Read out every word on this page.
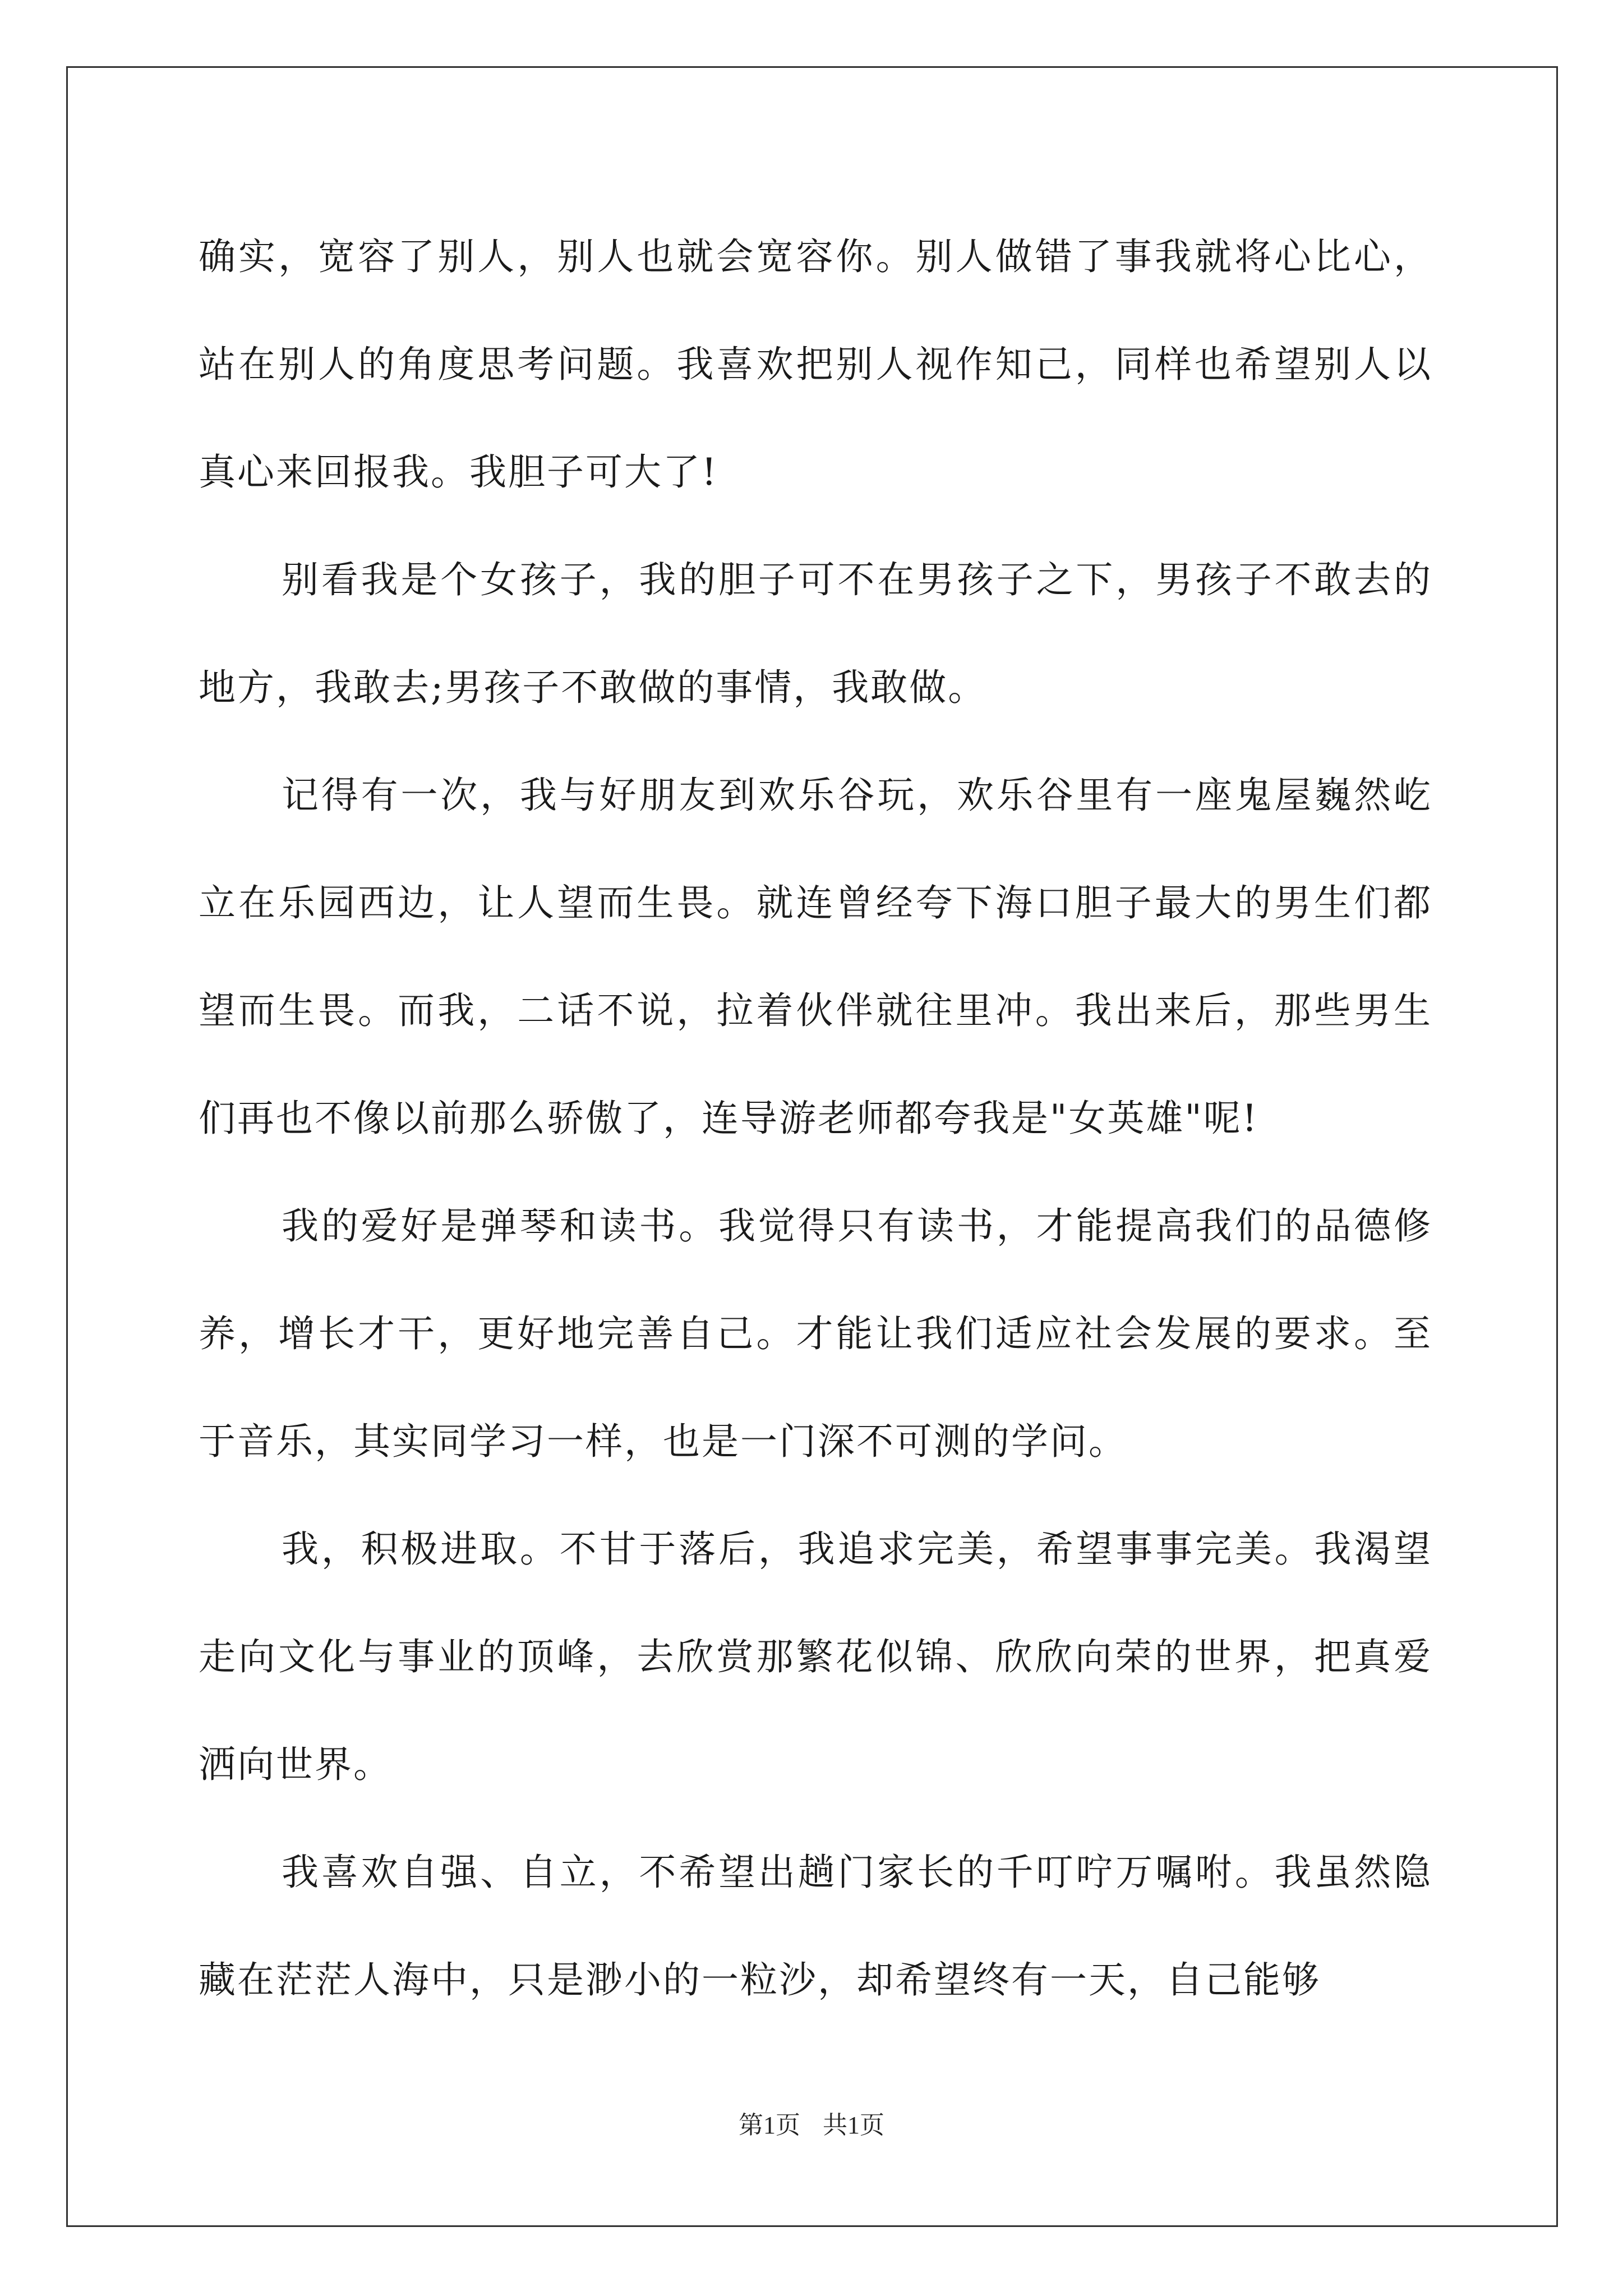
确实，宽容了别人，别人也就会宽容你。别人做错了事我就将心比心，站在别人的角度思考问题。我喜欢把别人视作知己，同样也希望别人以真心来回报我。我胆子可大了!

别看我是个女孩子，我的胆子可不在男孩子之下，男孩子不敢去的地方，我敢去;男孩子不敢做的事情，我敢做。

记得有一次，我与好朋友到欢乐谷玩，欢乐谷里有一座鬼屋巍然屹立在乐园西边，让人望而生畏。就连曾经夸下海口胆子最大的男生们都望而生畏。而我，二话不说，拉着伙伴就往里冲。我出来后，那些男生们再也不像以前那么骄傲了，连导游老师都夸我是"女英雄"呢!

我的爱好是弹琴和读书。我觉得只有读书，才能提高我们的品德修养，增长才干，更好地完善自己。才能让我们适应社会发展的要求。至于音乐，其实同学习一样，也是一门深不可测的学问。

我，积极进取。不甘于落后，我追求完美，希望事事完美。我渴望走向文化与事业的顶峰，去欣赏那繁花似锦、欣欣向荣的世界，把真爱洒向世界。

我喜欢自强、自立，不希望出趟门家长的千叮咛万嘱咐。我虽然隐藏在茫茫人海中，只是渺小的一粒沙，却希望终有一天，自己能够

第1页 共1页
